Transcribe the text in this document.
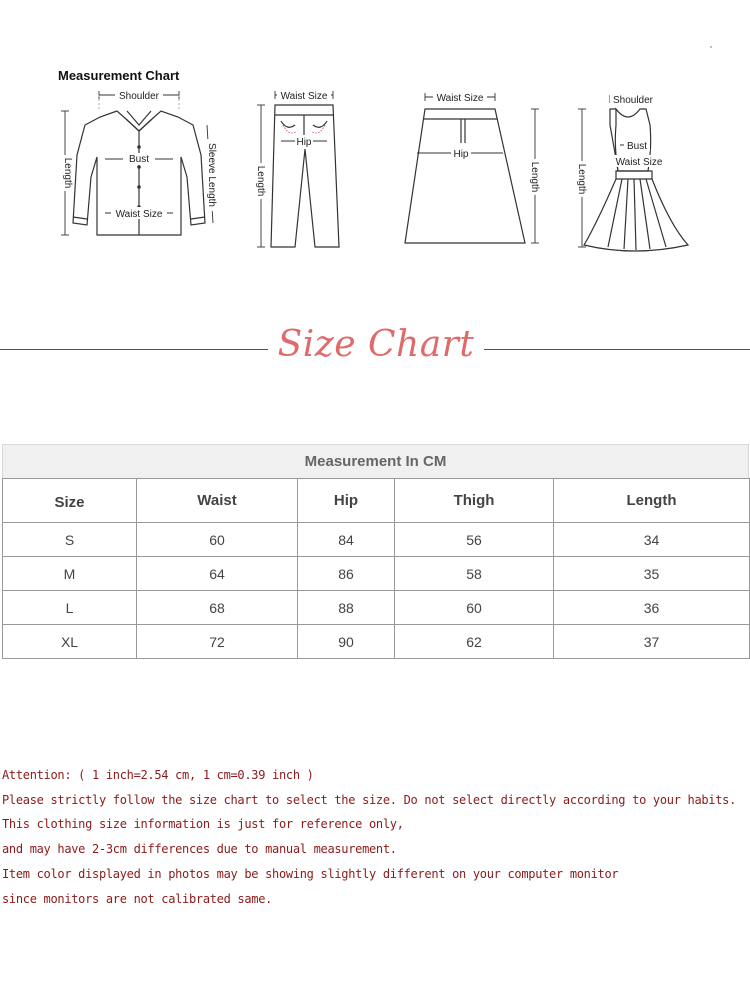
Measurement Chart
Shoulder
Bust
Waist Size
Length	Sleeve Length
Waist Size
Hip
Length
Waist Size
Hip
Length
Shoulder
Bust
Waist Size
Length
Size Chart
Measurement In CM
Size	Waist	Hip	Thigh	Length
S	60	84	56	34
M	64	86	58	35
L	68	88	60	36
XL	72	90	62	37
Attention: ( 1 inch=2.54 cm, 1 cm=0.39 inch )
Please strictly follow the size chart to select the size. Do not select directly according to your habits.
This clothing size information is just for reference only,
and may have 2-3cm differences due to manual measurement.
Item color displayed in photos may be showing slightly different on your computer monitor
since monitors are not calibrated same.
